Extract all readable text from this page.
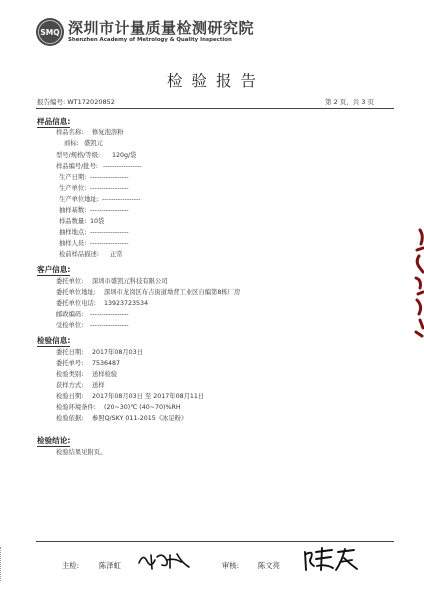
SMQ 深圳市计量质量检测研究院
Shenzhen Academy of Metrology & Quality Inspection
检验报告
报告编号: WT172020852	第 2 页，共 3 页
样品信息:
样品名称: 修复泡溶粉
商标: 盛凯元
型号/规格/等级: 120g/袋
样品编号/批号: -----------------
生产日期: -----------------
生产单位: -----------------
生产单位地址: -----------------
抽样基数: -----------------
样品数量: 10袋
抽样地点: -----------------
抽样人员: -----------------
检前样品描述: 正常
客户信息:
委托单位: 深圳市盛凯元科技有限公司
委托单位地址: 深圳市龙岗区布吉街道坳背工业区自编第8栋厂房
委托单位电话: 13923723534
邮政编码: -----------------
受检单位: -----------------
检验信息:
委托日期: 2017年08月03日
委托单号: 7536487
检验类别: 送样检验
获样方式: 送样
检验日期: 2017年08月03日 至 2017年08月11日
检验环境条件: (20~30)℃ (40~70)%RH
检验依据: 参照Q/SKY 011-2015《冰足粉》
检验结论:
检验结果见附页。
主检:	陈泽虹	审核:	陈文亮
